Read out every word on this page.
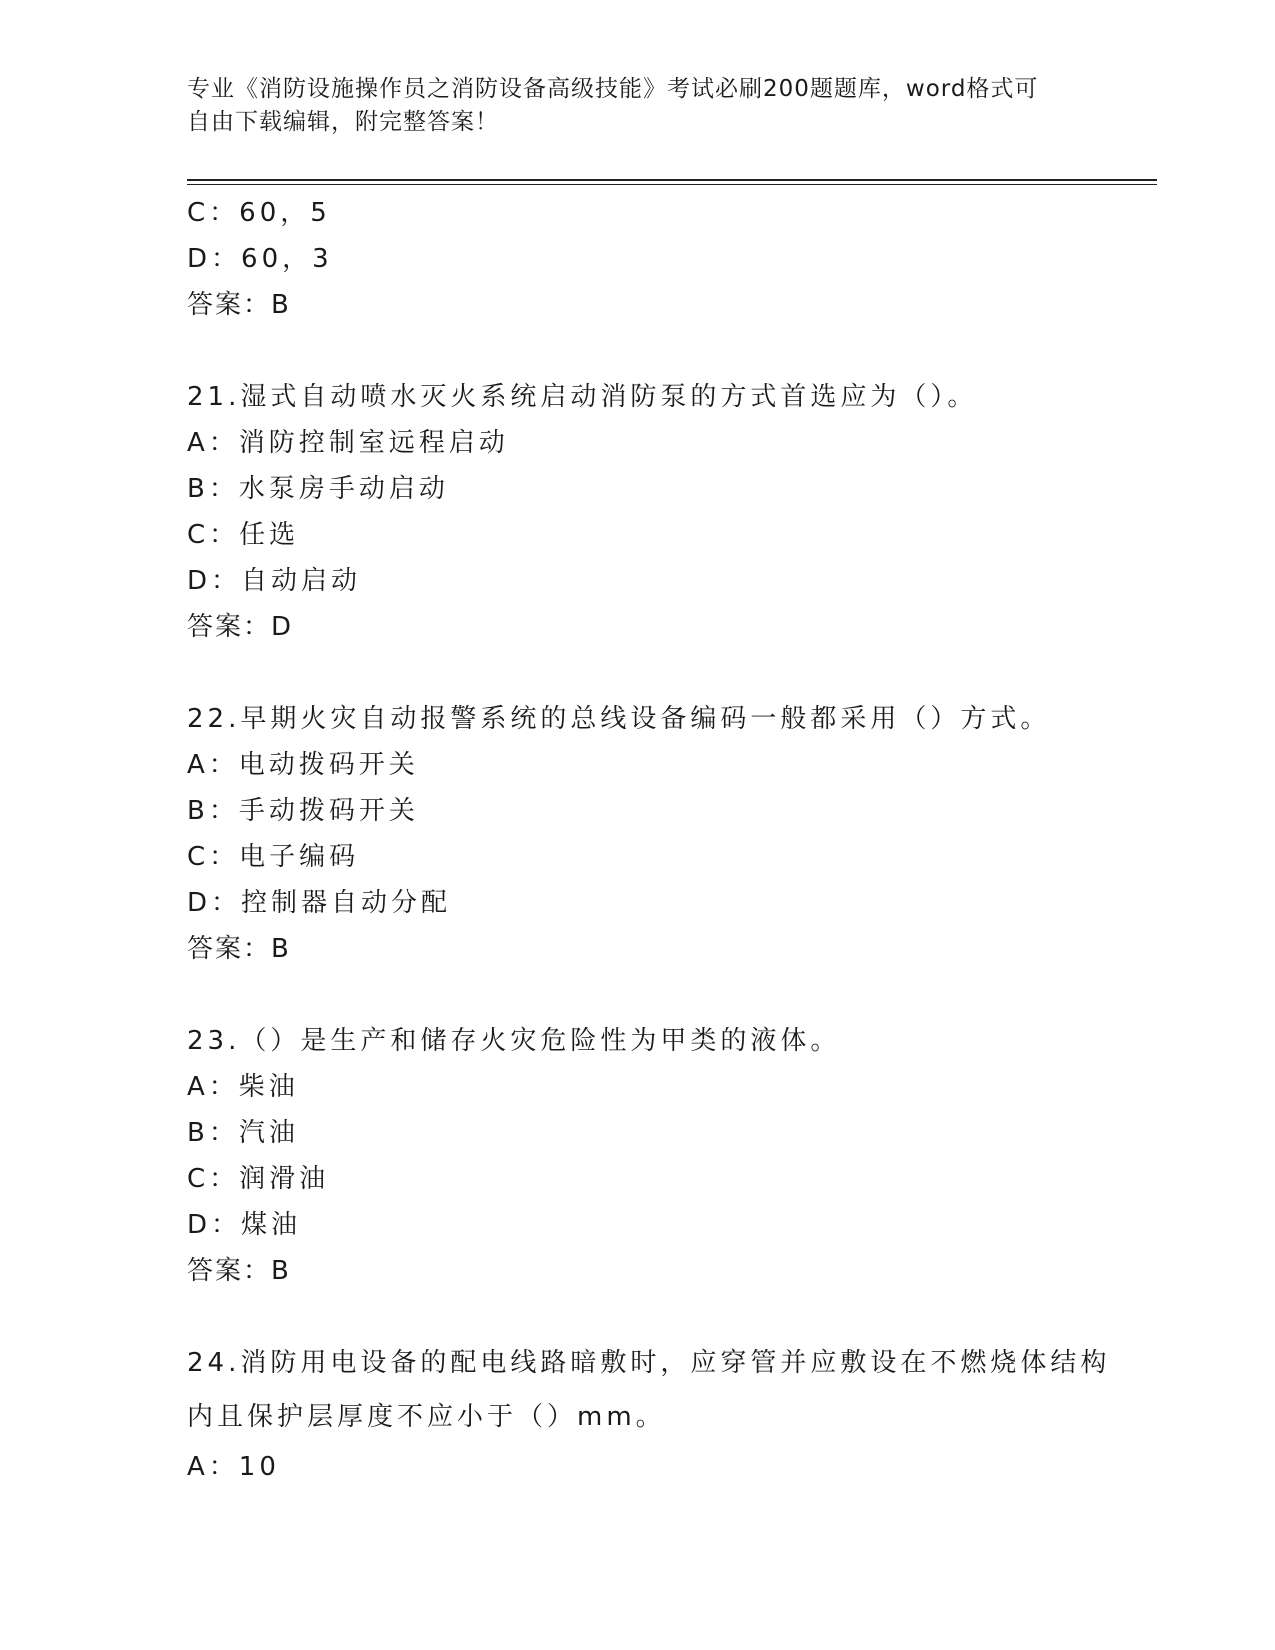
专业《消防设施操作员之消防设备高级技能》考试必刷200题题库，word格式可
自由下载编辑，附完整答案！
C：60，5
D：60，3
答案：B
21.湿式自动喷水灭火系统启动消防泵的方式首选应为（）。
A：消防控制室远程启动
B：水泵房手动启动
C：任选
D：自动启动
答案：D
22.早期火灾自动报警系统的总线设备编码一般都采用（）方式。
A：电动拨码开关
B：手动拨码开关
C：电子编码
D：控制器自动分配
答案：B
23.（）是生产和储存火灾危险性为甲类的液体。
A：柴油
B：汽油
C：润滑油
D：煤油
答案：B
24.消防用电设备的配电线路暗敷时，应穿管并应敷设在不燃烧体结构
内且保护层厚度不应小于（）mm。
A：10
